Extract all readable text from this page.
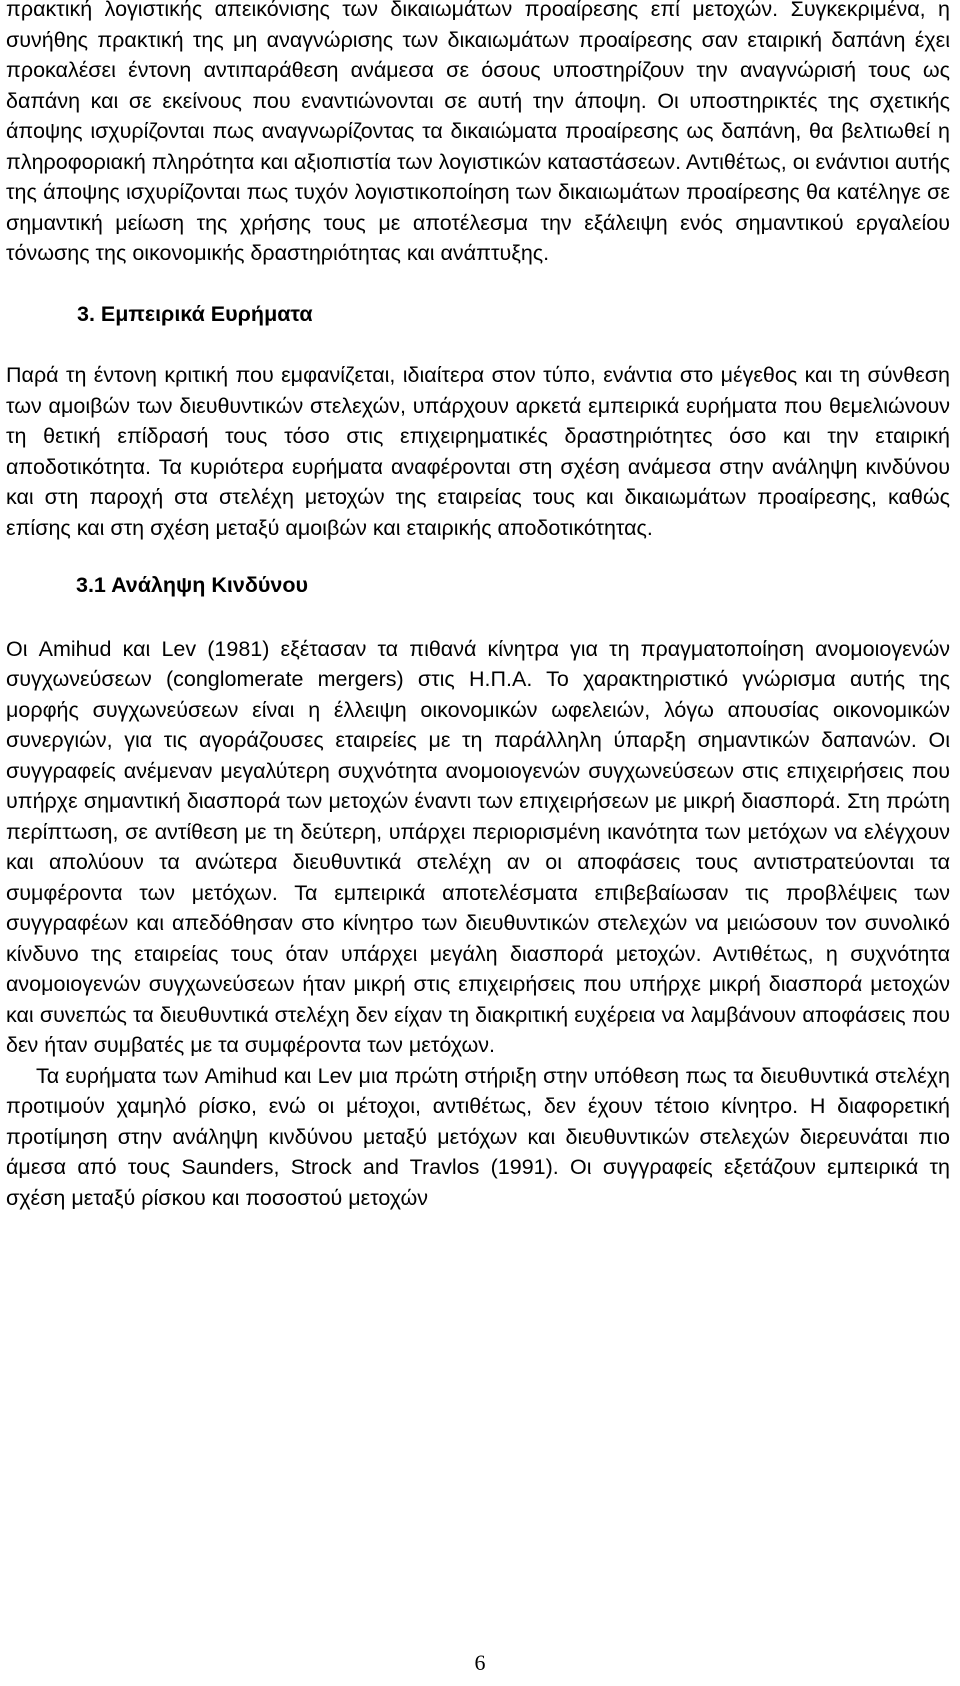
πρακτική λογιστικής απεικόνισης των δικαιωμάτων προαίρεσης επί μετοχών. Συγκεκριμένα, η συνήθης πρακτική της μη αναγνώρισης των δικαιωμάτων προαίρεσης σαν εταιρική δαπάνη έχει προκαλέσει έντονη αντιπαράθεση ανάμεσα σε όσους υποστηρίζουν την αναγνώρισή τους ως δαπάνη και σε εκείνους που εναντιώνονται σε αυτή την άποψη. Οι υποστηρικτές της σχετικής άποψης ισχυρίζονται πως αναγνωρίζοντας τα δικαιώματα προαίρεσης ως δαπάνη, θα βελτιωθεί η πληροφοριακή πληρότητα και αξιοπιστία των λογιστικών καταστάσεων. Αντιθέτως, οι ενάντιοι αυτής της άποψης ισχυρίζονται πως τυχόν λογιστικοποίηση των δικαιωμάτων προαίρεσης θα κατέληγε σε σημαντική μείωση της χρήσης τους με αποτέλεσμα την εξάλειψη ενός σημαντικού εργαλείου τόνωσης της οικονομικής δραστηριότητας και ανάπτυξης.

3. Εμπειρικά Ευρήματα

Παρά τη έντονη κριτική που εμφανίζεται, ιδιαίτερα στον τύπο, ενάντια στο μέγεθος και τη σύνθεση των αμοιβών των διευθυντικών στελεχών, υπάρχουν αρκετά εμπειρικά ευρήματα που θεμελιώνουν τη θετική επίδρασή τους τόσο στις επιχειρηματικές δραστηριότητες όσο και την εταιρική αποδοτικότητα. Τα κυριότερα ευρήματα αναφέρονται στη σχέση ανάμεσα στην ανάληψη κινδύνου και στη παροχή στα στελέχη μετοχών της εταιρείας τους και δικαιωμάτων προαίρεσης, καθώς επίσης και στη σχέση μεταξύ αμοιβών και εταιρικής αποδοτικότητας.

3.1 Ανάληψη Κινδύνου

Οι Amihud και Lev (1981) εξέτασαν τα πιθανά κίνητρα για τη πραγματοποίηση ανομοιογενών συγχωνεύσεων (conglomerate mergers) στις Η.Π.Α. Το χαρακτηριστικό γνώρισμα αυτής της μορφής συγχωνεύσεων είναι η έλλειψη οικονομικών ωφελειών, λόγω απουσίας οικονομικών συνεργιών, για τις αγοράζουσες εταιρείες με τη παράλληλη ύπαρξη σημαντικών δαπανών. Οι συγγραφείς ανέμεναν μεγαλύτερη συχνότητα ανομοιογενών συγχωνεύσεων στις επιχειρήσεις που υπήρχε σημαντική διασπορά των μετοχών έναντι των επιχειρήσεων με μικρή διασπορά. Στη πρώτη περίπτωση, σε αντίθεση με τη δεύτερη, υπάρχει περιορισμένη ικανότητα των μετόχων να ελέγχουν και απολύουν τα ανώτερα διευθυντικά στελέχη αν οι αποφάσεις τους αντιστρατεύονται τα συμφέροντα των μετόχων. Τα εμπειρικά αποτελέσματα επιβεβαίωσαν τις προβλέψεις των συγγραφέων και απεδόθησαν στο κίνητρο των διευθυντικών στελεχών να μειώσουν τον συνολικό κίνδυνο της εταιρείας τους όταν υπάρχει μεγάλη διασπορά μετοχών. Αντιθέτως, η συχνότητα ανομοιογενών συγχωνεύσεων ήταν μικρή στις επιχειρήσεις που υπήρχε μικρή διασπορά μετοχών και συνεπώς τα διευθυντικά στελέχη δεν είχαν τη διακριτική ευχέρεια να λαμβάνουν αποφάσεις που δεν ήταν συμβατές με τα συμφέροντα των μετόχων.

Τα ευρήματα των Amihud και Lev μια πρώτη στήριξη στην υπόθεση πως τα διευθυντικά στελέχη προτιμούν χαμηλό ρίσκο, ενώ οι μέτοχοι, αντιθέτως, δεν έχουν τέτοιο κίνητρο. Η διαφορετική προτίμηση στην ανάληψη κινδύνου μεταξύ μετόχων και διευθυντικών στελεχών διερευνάται πιο άμεσα από τους Saunders, Strock and Travlos (1991). Οι συγγραφείς εξετάζουν εμπειρικά τη σχέση μεταξύ ρίσκου και ποσοστού μετοχών

6
